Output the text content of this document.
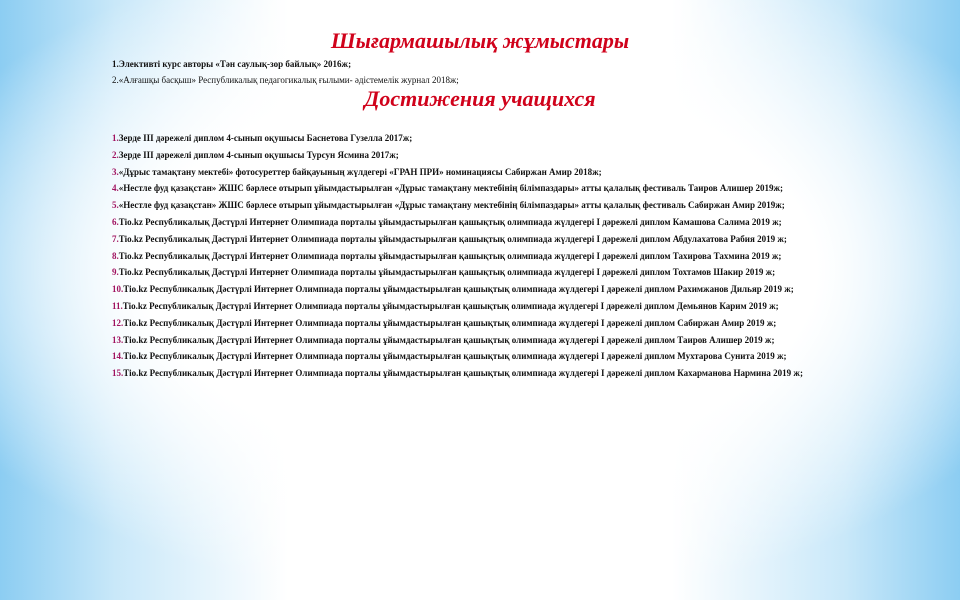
Шығармашылық жұмыстары
1.Элективті курс авторы «Тән саулық-зор байлық» 2016ж;
2.«Алғашқы басқыш» Республикалық педагогикалық ғылыми- әдістемелік журнал 2018ж;
Достижения учащихся

1.Зерде III дәрежелі диплом 4-сынып оқушысы Баснетова Гузелла 2017ж;

2.Зерде III дәрежелі диплом 4-сынып оқушысы Турсун Ясмина 2017ж;

3.«Дұрыс тамақтану мектебі» фотосуреттер байқауының жүлдегері «ГРАН ПРИ» номинациясы Сабиржан Амир 2018ж;

4.«Нестле фуд қазақстан» ЖШС бәрлесе отырып ұйымдастырылған «Дұрыс тамақтану мектебінің білімпаздары» атты қалалық фестиваль Таиров Алишер 2019ж;

5.«Нестле фуд қазақстан» ЖШС бәрлесе отырып ұйымдастырылған «Дұрыс тамақтану мектебінің білімпаздары» атты қалалық фестиваль Сабиржан Амир 2019ж;

6.Tio.kz Республикалық Дәстүрлі Интернет Олимпиада порталы ұйымдастырылған қашықтық олимпиада жүлдегері I дәрежелі диплом Камашова Салима 2019 ж;

7.Tio.kz Республикалық Дәстүрлі Интернет Олимпиада порталы ұйымдастырылған қашықтық олимпиада жүлдегері I дәрежелі диплом Абдулахатова Рабия 2019 ж;

8.Tio.kz Республикалық Дәстүрлі Интернет Олимпиада порталы ұйымдастырылған қашықтық олимпиада жүлдегері I дәрежелі диплом Тахирова Тахмина 2019 ж;

9.Tio.kz Республикалық Дәстүрлі Интернет Олимпиада порталы ұйымдастырылған қашықтық олимпиада жүлдегері I дәрежелі диплом Тохтамов Шакир 2019 ж;

10.Tio.kz Республикалық Дәстүрлі Интернет Олимпиада порталы ұйымдастырылған қашықтық олимпиада жүлдегері I дәрежелі диплом Рахимжанов Дильяр 2019 ж;

11.Tio.kz Республикалық Дәстүрлі Интернет Олимпиада порталы ұйымдастырылған қашықтық олимпиада жүлдегері I дәрежелі диплом Демьянов Карим 2019 ж;

12.Tio.kz Республикалық Дәстүрлі Интернет Олимпиада порталы ұйымдастырылған қашықтық олимпиада жүлдегері I дәрежелі диплом Сабиржан Амир 2019 ж;

13.Tio.kz Республикалық Дәстүрлі Интернет Олимпиада порталы ұйымдастырылған қашықтық олимпиада жүлдегері I дәрежелі диплом Таиров Алишер 2019 ж;

14.Tio.kz Республикалық Дәстүрлі Интернет Олимпиада порталы ұйымдастырылған қашықтық олимпиада жүлдегері I дәрежелі диплом Мухтарова Сунита 2019 ж;

15.Tio.kz Республикалық Дәстүрлі Интернет Олимпиада порталы ұйымдастырылған қашықтық олимпиада жүлдегері I дәрежелі диплом Кахарманова Нармина 2019 ж;
